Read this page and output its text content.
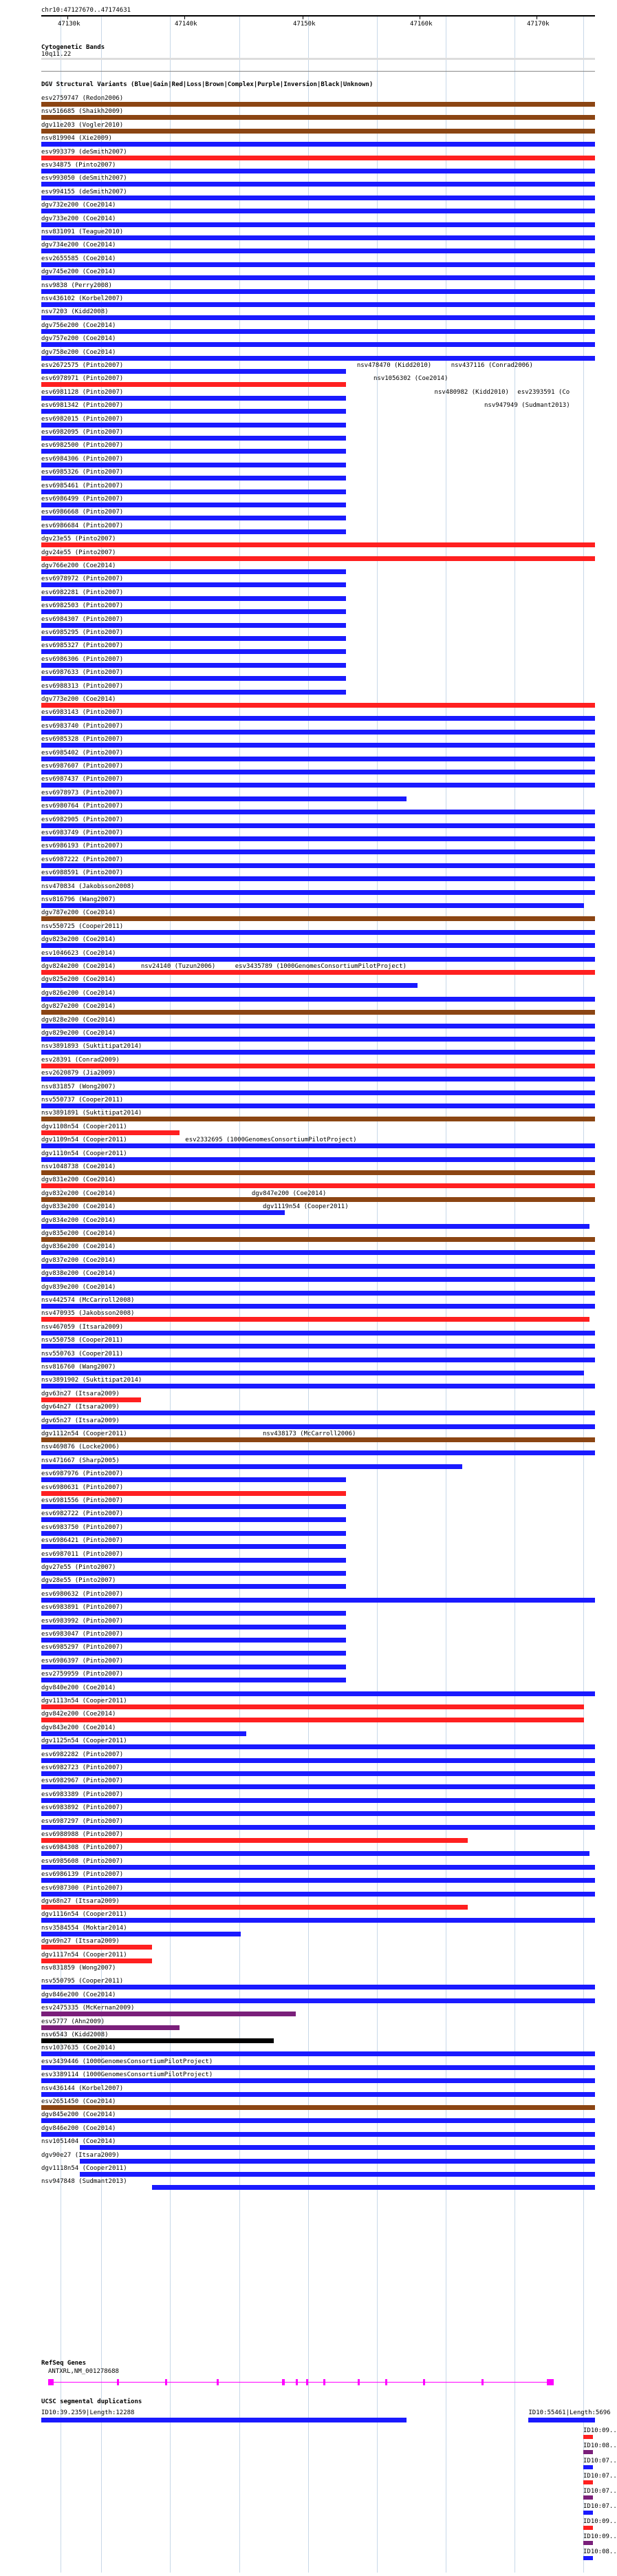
chr10:47127670..47174631
47130k	47140k	47150k	47160k	47170k
Cytogenetic Bands
10q11.22
DGV Structural Variants (Blue|Gain|Red|Loss|Brown|Complex|Purple|Inversion|Black|Unknown)
esv2759747 (Redon2006)
nsv516685 (Shaikh2009)
dgv11e203 (Vogler2010)
nsv819904 (Xie2009)
esv993379 (deSmith2007)
esv34875 (Pinto2007)
esv993050 (deSmith2007)
esv994155 (deSmith2007)
dgv732e200 (Coe2014)
dgv733e200 (Coe2014)
nsv831091 (Teague2010)
dgv734e200 (Coe2014)
esv2655585 (Coe2014)
dgv745e200 (Coe2014)
nsv9838 (Perry2008)
nsv436102 (Korbel2007)
nsv7203 (Kidd2008)
dgv756e200 (Coe2014)
dgv757e200 (Coe2014)
dgv758e200 (Coe2014)
esv2672575 (Pinto2007)
esv6978971 (Pinto2007)
esv6981128 (Pinto2007)
esv6981342 (Pinto2007)
esv6982015 (Pinto2007)
esv6982095 (Pinto2007)
esv6982500 (Pinto2007)
esv6984306 (Pinto2007)
esv6985326 (Pinto2007)
esv6985461 (Pinto2007)
esv6986499 (Pinto2007)
esv6986668 (Pinto2007)
esv6986684 (Pinto2007)
dgv23e55 (Pinto2007)
dgv24e55 (Pinto2007)
dgv766e200 (Coe2014)
esv6978972 (Pinto2007)
esv6982281 (Pinto2007)
esv6982503 (Pinto2007)
esv6984307 (Pinto2007)
esv6985295 (Pinto2007)
esv6985327 (Pinto2007)
esv6986306 (Pinto2007)
esv6987633 (Pinto2007)
esv6988313 (Pinto2007)
dgv773e200 (Coe2014)
esv6983143 (Pinto2007)
esv6983740 (Pinto2007)
esv6985328 (Pinto2007)
esv6985402 (Pinto2007)
esv6987607 (Pinto2007)
esv6987437 (Pinto2007)
esv6978973 (Pinto2007)
esv6980764 (Pinto2007)
esv6982905 (Pinto2007)
esv6983749 (Pinto2007)
esv6986193 (Pinto2007)
esv6987222 (Pinto2007)
esv6988591 (Pinto2007)
nsv470834 (Jakobsson2008)
nsv816796 (Wang2007)
dgv787e200 (Coe2014)
nsv550725 (Cooper2011)
dgv823e200 (Coe2014)
esv1046623 (Coe2014)
dgv824e200 (Coe2014)
dgv825e200 (Coe2014)
dgv826e200 (Coe2014)
dgv827e200 (Coe2014)
dgv828e200 (Coe2014)
dgv829e200 (Coe2014)
nsv3891893 (Suktitipat2014)
esv28391 (Conrad2009)
esv2620879 (Jia2009)
nsv831857 (Wong2007)
nsv550737 (Cooper2011)
nsv3891891 (Suktitipat2014)
dgv1108n54 (Cooper2011)
dgv1109n54 (Cooper2011)
dgv1110n54 (Cooper2011)
nsv1048738 (Coe2014)
dgv831e200 (Coe2014)
dgv832e200 (Coe2014)
dgv833e200 (Coe2014)
dgv834e200 (Coe2014)
dgv835e200 (Coe2014)
dgv836e200 (Coe2014)
dgv837e200 (Coe2014)
dgv838e200 (Coe2014)
dgv839e200 (Coe2014)
nsv442574 (McCarroll2008)
nsv470935 (Jakobsson2008)
nsv467059 (Itsara2009)
nsv550758 (Cooper2011)
nsv550763 (Cooper2011)
nsv816760 (Wang2007)
nsv3891902 (Suktitipat2014)
dgv63n27 (Itsara2009)
dgv64n27 (Itsara2009)
dgv65n27 (Itsara2009)
dgv1112n54 (Cooper2011)
nsv469876 (Locke2006)
nsv471667 (Sharp2005)
esv6987976 (Pinto2007)
esv6980631 (Pinto2007)
esv6981556 (Pinto2007)
esv6982722 (Pinto2007)
esv6983750 (Pinto2007)
esv6986421 (Pinto2007)
esv6987011 (Pinto2007)
dgv27e55 (Pinto2007)
dgv28e55 (Pinto2007)
esv6980632 (Pinto2007)
esv6983891 (Pinto2007)
esv6983992 (Pinto2007)
esv6983047 (Pinto2007)
esv6985297 (Pinto2007)
esv6986397 (Pinto2007)
esv2759959 (Pinto2007)
dgv840e200 (Coe2014)
dgv1113n54 (Cooper2011)
dgv842e200 (Coe2014)
dgv843e200 (Coe2014)
dgv1125n54 (Cooper2011)
esv6982282 (Pinto2007)
esv6982723 (Pinto2007)
esv6982967 (Pinto2007)
esv6983389 (Pinto2007)
esv6983892 (Pinto2007)
esv6987297 (Pinto2007)
esv6988988 (Pinto2007)
esv6984308 (Pinto2007)
esv6985608 (Pinto2007)
esv6986139 (Pinto2007)
esv6987300 (Pinto2007)
dgv68n27 (Itsara2009)
dgv1116n54 (Cooper2011)
nsv3584554 (Moktar2014)
dgv69n27 (Itsara2009)
dgv1117n54 (Cooper2011)
nsv831859 (Wong2007)
nsv550795 (Cooper2011)
dgv846e200 (Coe2014)
esv2475335 (McKernan2009)
esv5777 (Ahn2009)
nsv6543 (Kidd2008)
nsv1037635 (Coe2014)
esv3439446 (1000GenomesConsortiumPilotProject)
esv3389114 (1000GenomesConsortiumPilotProject)
nsv436144 (Korbel2007)
esv2651450 (Coe2014)
dgv845e200 (Coe2014)
dgv846e200 (Coe2014)
nsv1051404 (Coe2014)
dgv90e27 (Itsara2009)
dgv1118n54 (Cooper2011)
nsv947848 (Sudmant2013)
nsv478470 (Kidd2010)	nsv437116 (Conrad2006)
nsv1056302 (Coe2014)
nsv480982 (Kidd2010) esv2393591 (Co
nsv947949 (Sudmant2013)
nsv24140 (Tuzun2006)	esv3435789 (1000GenomesConsortiumPilotProject)
esv2332695 (1000GenomesConsortiumPilotProject)
dgv847e200 (Coe2014)
dgv1119n54 (Cooper2011)
nsv438173 (McCarroll2006)
RefSeq Genes
ANTXRL,NM_001278688
UCSC segmental duplications
ID10:39.2359|Length:12288	ID10:55461|Length:5696
ID10:09..
ID10:08..
ID10:07..
ID10:07..
ID10:07..
ID10:07..
ID10:09..
ID10:09..
ID10:08..
